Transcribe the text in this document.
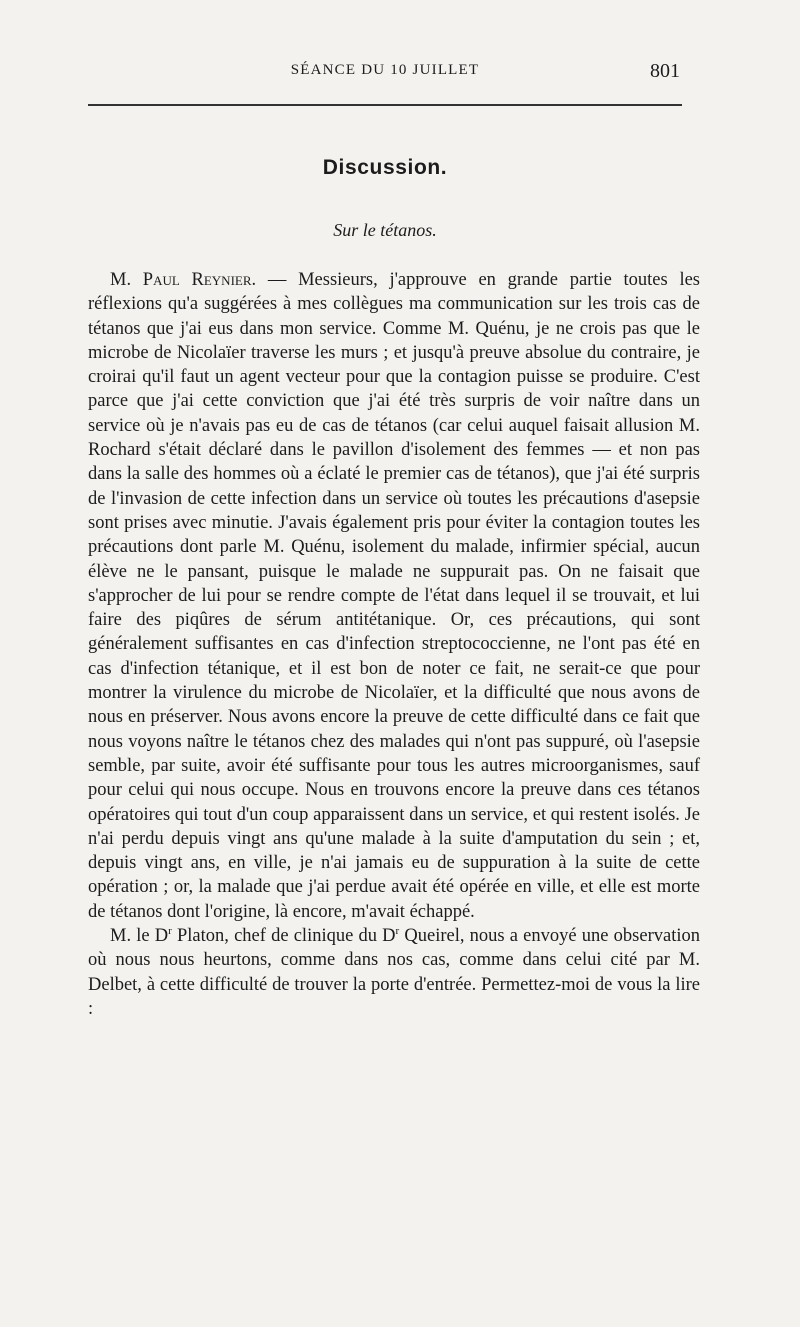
SÉANCE DU 10 JUILLET	801
Discussion.
Sur le tétanos.

M. Paul Reynier. — Messieurs, j'approuve en grande partie toutes les réflexions qu'a suggérées à mes collègues ma communication sur les trois cas de tétanos que j'ai eus dans mon service. Comme M. Quénu, je ne crois pas que le microbe de Nicolaïer traverse les murs ; et jusqu'à preuve absolue du contraire, je croirai qu'il faut un agent vecteur pour que la contagion puisse se produire. C'est parce que j'ai cette conviction que j'ai été très surpris de voir naître dans un service où je n'avais pas eu de cas de tétanos (car celui auquel faisait allusion M. Rochard s'était déclaré dans le pavillon d'isolement des femmes — et non pas dans la salle des hommes où a éclaté le premier cas de tétanos), que j'ai été surpris de l'invasion de cette infection dans un service où toutes les précautions d'asepsie sont prises avec minutie. J'avais également pris pour éviter la contagion toutes les précautions dont parle M. Quénu, isolement du malade, infirmier spécial, aucun élève ne le pansant, puisque le malade ne suppurait pas. On ne faisait que s'approcher de lui pour se rendre compte de l'état dans lequel il se trouvait, et lui faire des piqûres de sérum antitétanique. Or, ces précautions, qui sont généralement suffisantes en cas d'infection streptococcienne, ne l'ont pas été en cas d'infection tétanique, et il est bon de noter ce fait, ne serait-ce que pour montrer la virulence du microbe de Nicolaïer, et la difficulté que nous avons de nous en préserver. Nous avons encore la preuve de cette difficulté dans ce fait que nous voyons naître le tétanos chez des malades qui n'ont pas suppuré, où l'asepsie semble, par suite, avoir été suffisante pour tous les autres microorganismes, sauf pour celui qui nous occupe. Nous en trouvons encore la preuve dans ces tétanos opératoires qui tout d'un coup apparaissent dans un service, et qui restent isolés. Je n'ai perdu depuis vingt ans qu'une malade à la suite d'amputation du sein ; et, depuis vingt ans, en ville, je n'ai jamais eu de suppuration à la suite de cette opération ; or, la malade que j'ai perdue avait été opérée en ville, et elle est morte de tétanos dont l'origine, là encore, m'avait échappé.

M. le $D^r$ Platon, chef de clinique du $D^r$ Queirel, nous a envoyé une observation où nous nous heurtons, comme dans nos cas, comme dans celui cité par M. Delbet, à cette difficulté de trouver la porte d'entrée. Permettez-moi de vous la lire :
